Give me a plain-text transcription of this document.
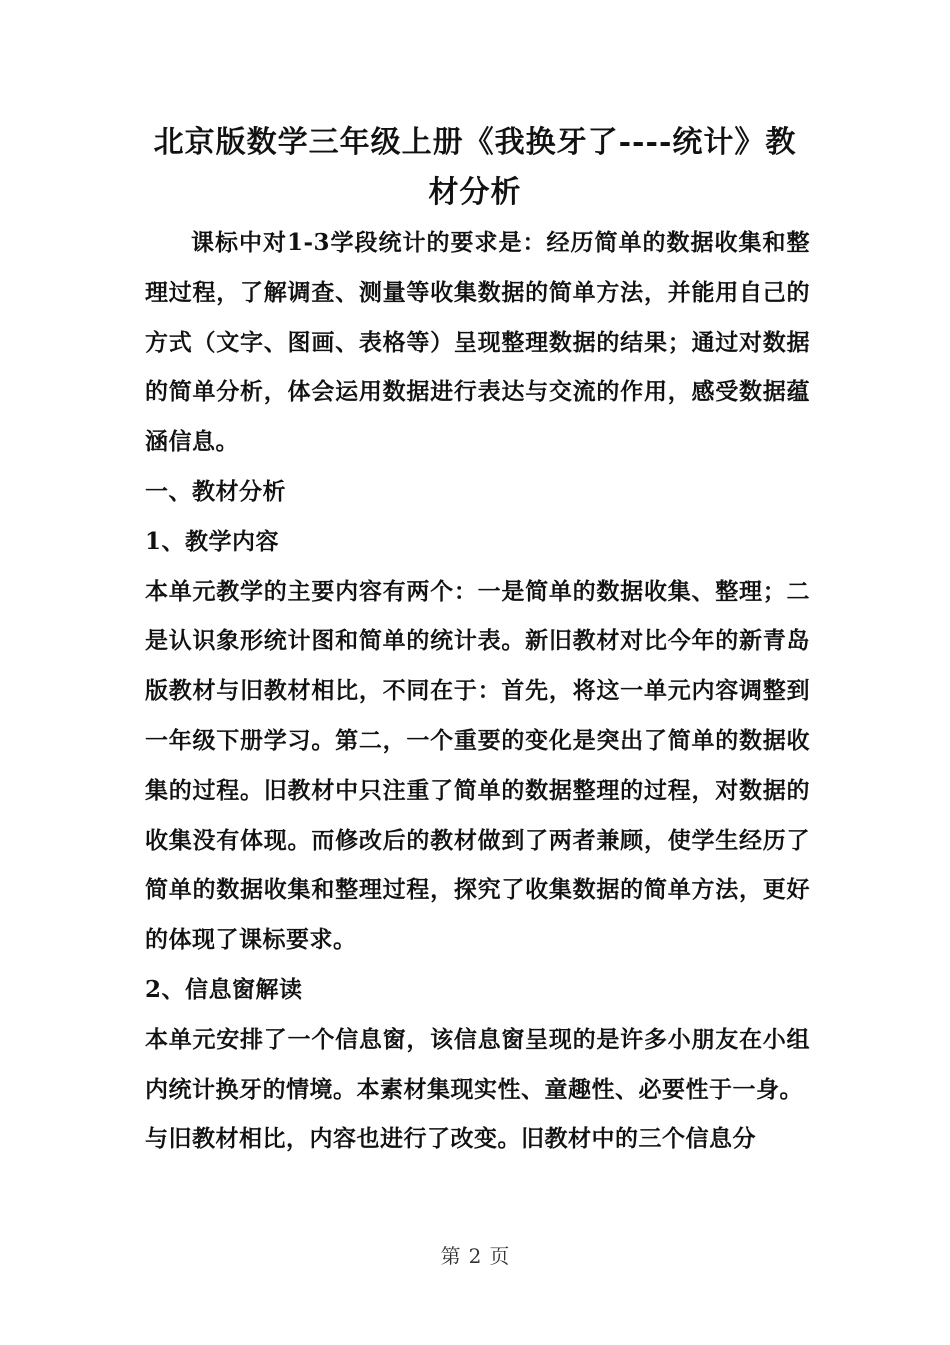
北京版数学三年级上册《我换牙了----统计》教材分析

课标中对1-3学段统计的要求是：经历简单的数据收集和整理过程，了解调查、测量等收集数据的简单方法，并能用自己的方式（文字、图画、表格等）呈现整理数据的结果；通过对数据的简单分析，体会运用数据进行表达与交流的作用，感受数据蕴涵信息。

一、教材分析

1、教学内容

本单元教学的主要内容有两个：一是简单的数据收集、整理；二是认识象形统计图和简单的统计表。新旧教材对比今年的新青岛版教材与旧教材相比，不同在于：首先，将这一单元内容调整到一年级下册学习。第二，一个重要的变化是突出了简单的数据收集的过程。旧教材中只注重了简单的数据整理的过程，对数据的收集没有体现。而修改后的教材做到了两者兼顾，使学生经历了简单的数据收集和整理过程，探究了收集数据的简单方法，更好的体现了课标要求。

2、信息窗解读

本单元安排了一个信息窗，该信息窗呈现的是许多小朋友在小组内统计换牙的情境。本素材集现实性、童趣性、必要性于一身。

与旧教材相比，内容也进行了改变。旧教材中的三个信息分

第 2 页
